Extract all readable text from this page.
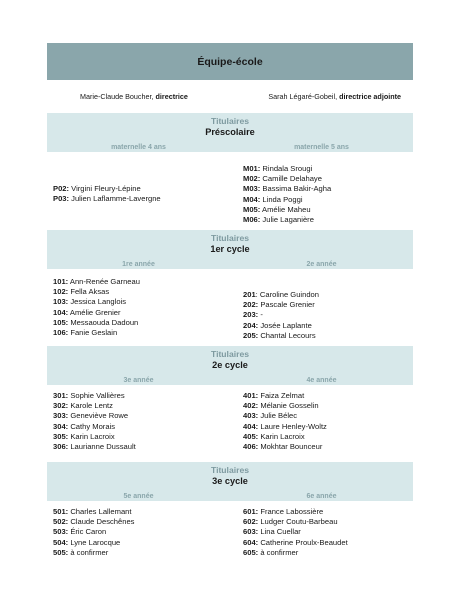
Équipe-école
Marie-Claude Boucher, directrice	Sarah Légaré-Gobeil, directrice adjointe
Titulaires
Préscolaire
maternelle 4 ans	maternelle 5 ans
P02: Virgini Fleury-Lépine
P03: Julien Laflamme-Lavergne
M01: Rindala Srougi
M02: Camille Delahaye
M03: Bassima Bakir-Agha
M04: Linda Poggi
M05: Amélie Maheu
M06: Julie Laganière
Titulaires
1er cycle
1re année	2e année
101: Ann-Renée Garneau
102: Fella Aksas
103: Jessica Langlois
104: Amélie Grenier
105: Messaouda Dadoun
106: Fanie Geslain
201: Caroline Guindon
202: Pascale Grenier
203: -
204: Josée Laplante
205: Chantal Lecours
Titulaires
2e cycle
3e année	4e année
301: Sophie Vallières
302: Karole Lentz
303: Geneviève Rowe
304: Cathy Morais
305: Karin Lacroix
306: Laurianne Dussault
401: Faiza Zelmat
402: Mélanie Gosselin
403: Julie Bélec
404: Laure Henley-Woltz
405: Karin Lacroix
406: Mokhtar Bounceur
Titulaires
3e cycle
5e année	6e année
501: Charles Lallemant
502: Claude Deschênes
503: Éric Caron
504: Lyne Larocque
505: à confirmer
601: France Labossière
602: Ludger Coutu-Barbeau
603: Lina Cuellar
604: Catherine Proulx-Beaudet
605: à confirmer
